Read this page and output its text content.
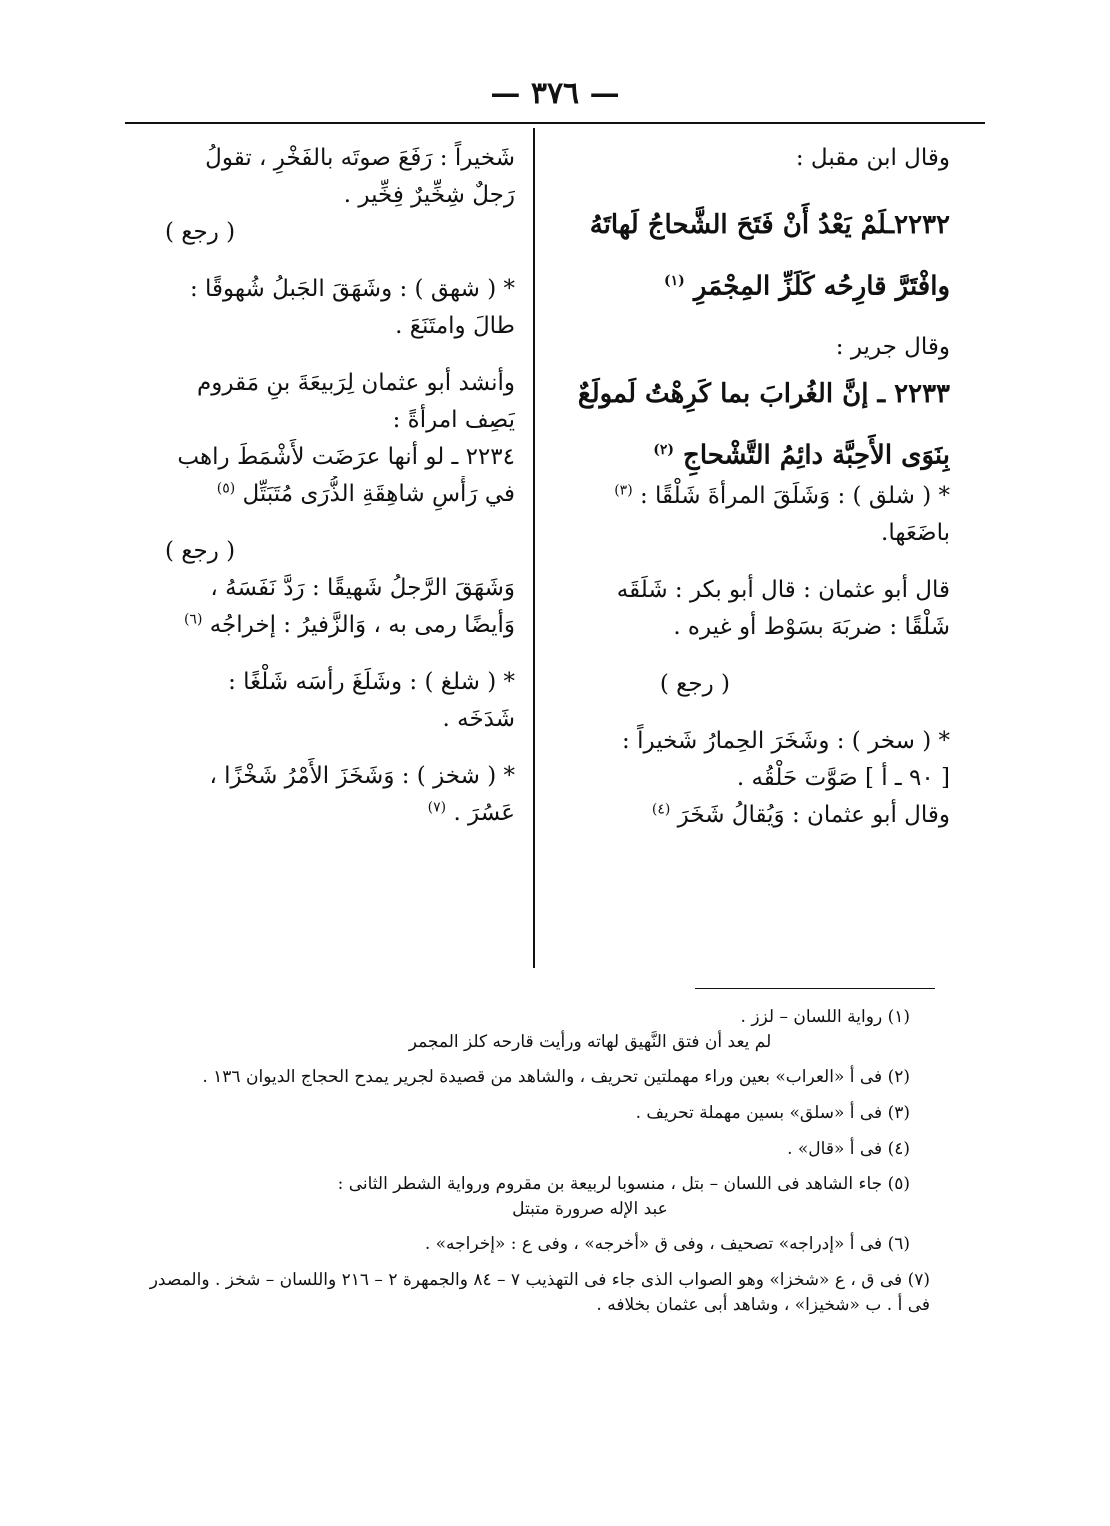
— ٣٧٦ —
وقال ابن مقبل :
٢٢٣٢ـلَمْ يَعْدُ أَنْ فَتَحَ الشَّحاجُ لَهاتَهُ
وافْتَرَّ قارِحُه كَلَزِّ المِجْمَرِ $^{(١)}$
وقال جرير :
٢٢٣٣ ـ إنَّ الغُرابَ بما كَرِهْتُ لَمولَعٌ
بِنَوَى الأَحِبَّة دائِمُ التَّشْحاجِ $^{(٢)}$
* ( شلق ) : وَشَلَقَ المرأةَ شَلْقًا : $^{(٣)}$
باضَعَها.
قال أبو عثمان : قال أبو بكر : شَلَقَه
شَلْقًا : ضربَهَ بسَوْط أو غيره .
( رجع )
* ( سخر ) : وشَخَرَ الحِمارُ شَخيراً :
[ ٩٠ ـ أ ] صَوَّت حَلْقُه .
وقال أبو عثمان : وَيُقالُ شَخَرَ $^{(٤)}$
شَخيراً : رَفَعَ صوتَه بالفَخْرِ ، تقولُ
رَجلٌ شِخِّيرٌ فِخِّير .
( رجع )
* ( شهق ) : وشَهَقَ الجَبلُ شُهوقًا :
طالَ وامتَنَعَ .
وأنشد أبو عثمان لِرَبيعَةَ بنِ مَقروم
يَصِف امرأةً :
٢٢٣٤ ـ لو أنها عرَضَت لأَشْمَطَ راهب
في رَأْسِ شاهِقَةِ الذُّرَى مُتَبَتِّل $^{(٥)}$
( رجع )
وَشَهَقَ الرَّجلُ شَهيقًا : رَدَّ نَفَسَهُ ،
وَأيضًا رمى به ، وَالزَّفيرُ : إخراجُه $^{(٦)}$
* ( شلغ ) : وشَلَغَ رأسَه شَلْغًا :
شَدَخَه .
* ( شخز ) : وَشَخَزَ الأَمْرُ شَخْزًا ،
عَسُرَ . $^{(٧)}$
(١) رواية اللسان – لزز .
لم يعد أن فتق النَّهيق لهاته ورأيت قارحه كلز المجمر
(٢) فى أ «العراب» بعين وراء مهملتين تحريف ، والشاهد من قصيدة لجرير يمدح الحجاج الديوان ١٣٦ .
(٣) فى أ «سلق» بسين مهملة تحريف .
(٤) فى أ «قال» .
(٥) جاء الشاهد فى اللسان – بتل ، منسوبا لربيعة بن مقروم ورواية الشطر الثانى :
عبد الإله صرورة متبتل
(٦) فى أ «إدراجه» تصحيف ، وفى ق «أخرجه» ، وفى ع : «إخراجه» .
(٧) فى ق ، ع «شخزا» وهو الصواب الذى جاء فى التهذيب ٧ – ٨٤ والجمهرة ٢ – ٢١٦ واللسان – شخز . والمصدر
فى أ . ب «شخيزا» ، وشاهد أبى عثمان بخلافه .
